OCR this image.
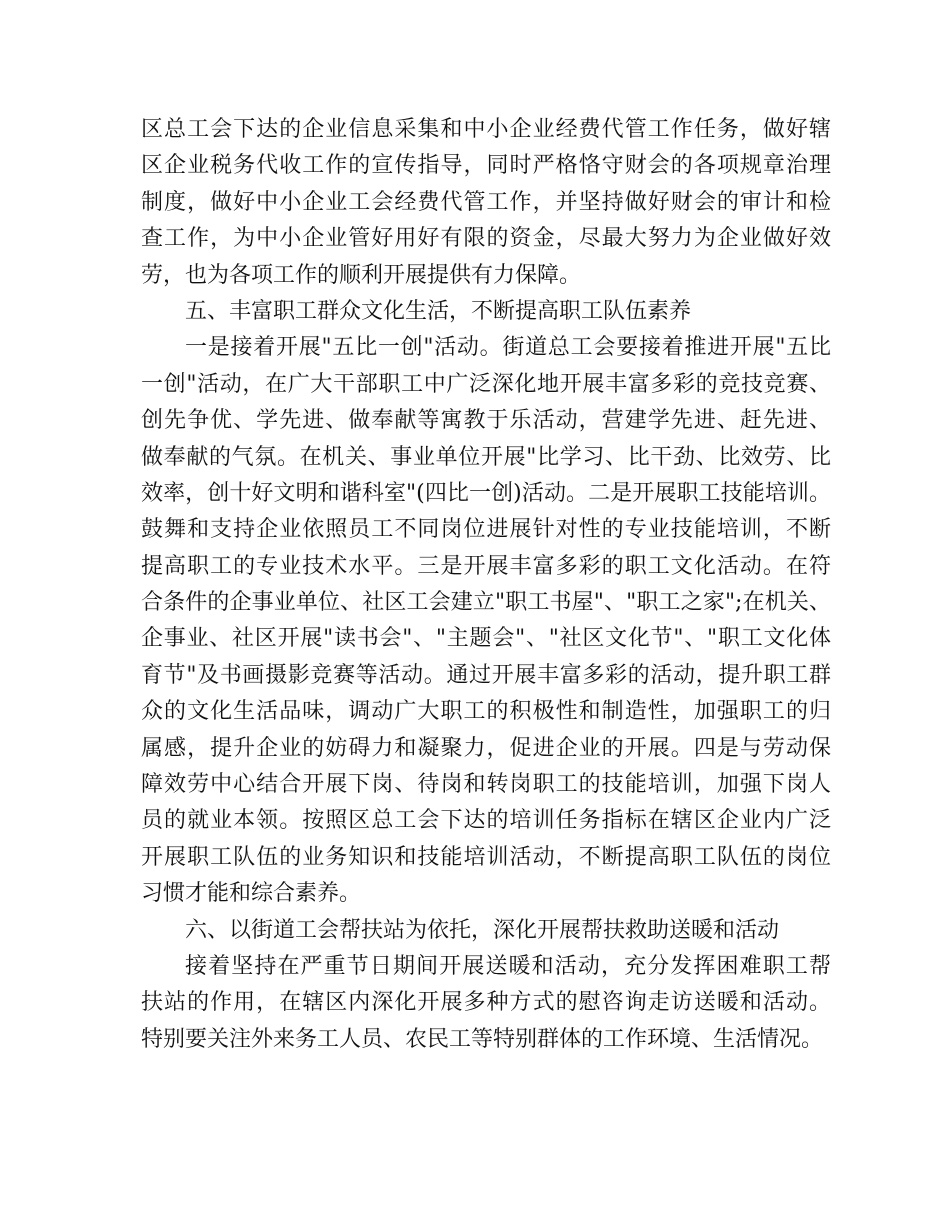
区总工会下达的企业信息采集和中小企业经费代管工作任务，做好辖
区企业税务代收工作的宣传指导，同时严格恪守财会的各项规章治理
制度，做好中小企业工会经费代管工作，并坚持做好财会的审计和检
查工作，为中小企业管好用好有限的资金，尽最大努力为企业做好效
劳，也为各项工作的顺利开展提供有力保障。
五、丰富职工群众文化生活，不断提高职工队伍素养
一是接着开展"五比一创"活动。街道总工会要接着推进开展"五比
一创"活动，在广大干部职工中广泛深化地开展丰富多彩的竞技竞赛、
创先争优、学先进、做奉献等寓教于乐活动，营建学先进、赶先进、
做奉献的气氛。在机关、事业单位开展"比学习、比干劲、比效劳、比
效率，创十好文明和谐科室"(四比一创)活动。二是开展职工技能培训。
鼓舞和支持企业依照员工不同岗位进展针对性的专业技能培训，不断
提高职工的专业技术水平。三是开展丰富多彩的职工文化活动。在符
合条件的企事业单位、社区工会建立"职工书屋"、"职工之家";在机关、
企事业、社区开展"读书会"、"主题会"、"社区文化节"、"职工文化体
育节"及书画摄影竞赛等活动。通过开展丰富多彩的活动，提升职工群
众的文化生活品味，调动广大职工的积极性和制造性，加强职工的归
属感，提升企业的妨碍力和凝聚力，促进企业的开展。四是与劳动保
障效劳中心结合开展下岗、待岗和转岗职工的技能培训，加强下岗人
员的就业本领。按照区总工会下达的培训任务指标在辖区企业内广泛
开展职工队伍的业务知识和技能培训活动，不断提高职工队伍的岗位
习惯才能和综合素养。
六、以街道工会帮扶站为依托，深化开展帮扶救助送暖和活动
接着坚持在严重节日期间开展送暖和活动，充分发挥困难职工帮
扶站的作用，在辖区内深化开展多种方式的慰咨询走访送暖和活动。
特别要关注外来务工人员、农民工等特别群体的工作环境、生活情况。
